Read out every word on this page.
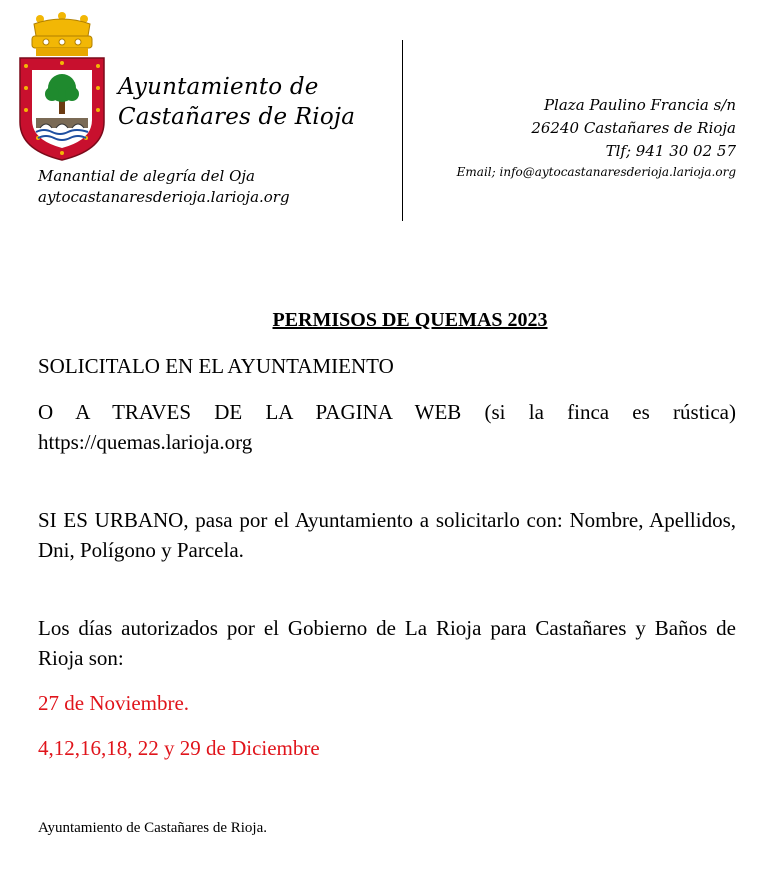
Ayuntamiento de
Castañares de Rioja
Manantial de alegría del Oja
aytocastanaresderioja.larioja.org
Plaza Paulino Francia s/n
26240 Castañares de Rioja
Tlf; 941 30 02 57
Email; info@aytocastanaresderioja.larioja.org
PERMISOS DE QUEMAS 2023
SOLICITALO EN EL AYUNTAMIENTO
O A TRAVES DE LA PAGINA WEB (si la finca es rústica) https://quemas.larioja.org
SI ES URBANO, pasa por el Ayuntamiento a solicitarlo con: Nombre, Apellidos, Dni, Polígono y Parcela.
Los días autorizados por el Gobierno de La Rioja para Castañares y Baños de Rioja son:
27 de Noviembre.
4,12,16,18, 22 y 29 de Diciembre
Ayuntamiento de Castañares de Rioja.
